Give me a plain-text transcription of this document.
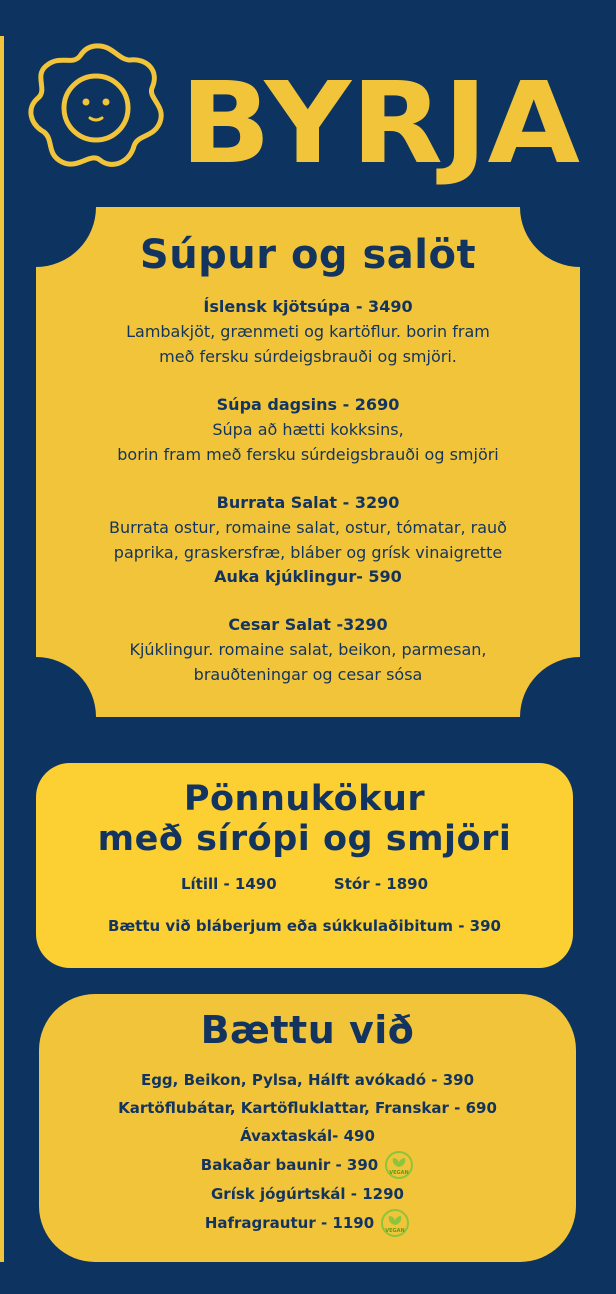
BYRJA
Súpur og salöt
Íslensk kjötsúpa - 3490
Lambakjöt, grænmeti og kartöflur. borin fram
með fersku súrdeigsbrauði og smjöri.
Súpa dagsins - 2690
Súpa að hætti kokksins,
borin fram með fersku súrdeigsbrauði og smjöri
Burrata Salat - 3290
Burrata ostur, romaine salat, ostur, tómatar, rauð
paprika, graskersfræ, bláber og grísk vinaigrette
Auka kjúklingur- 590
Cesar Salat -3290
Kjúklingur. romaine salat, beikon, parmesan,
brauðteningar og cesar sósa
Pönnukökur
með sírópi og smjöri
Lítill - 1490	Stór - 1890
Bættu við bláberjum eða súkkulaðibitum - 390
Bættu við
Egg, Beikon, Pylsa, Hálft avókadó - 390
Kartöflubátar, Kartöfluklattar, Franskar - 690
Ávaxtaskál- 490
Bakaðar baunir - 390 VEGAN
Grísk jógúrtskál - 1290
Hafragrautur - 1190 VEGAN
